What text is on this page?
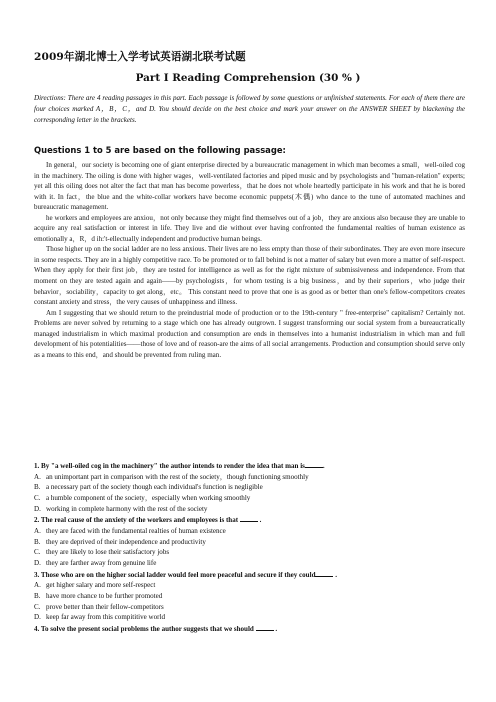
2009年湖北博士入学考试英语湖北联考试题
Part I Reading Comprehension (30 % )
Directions: There are 4 reading passages in this part. Each passage is followed by some questions or unfinished statements. For each of them there are four choices marked A，B，C，and D. You should decide on the best choice and mark your answer on the ANSWER SHEET by blackening the corresponding letter in the brackets.
Questions 1 to 5 are based on the following passage:

In general，our society is becoming one of giant enterprise directed by a bureaucratic management in which man becomes a small，well-oiled cog in the machinery. The oiling is done with higher wages，well-ventilated factories and piped music and by psychologists and "human-relation" experts; yet all this oiling does not alter the fact that man has become powerless，that he does not whole heartedly participate in his work and that he is bored with it. In fact，the blue and the white-collar workers have become economic puppets(木偶) who dance to the tune of automated machines and bureaucratic management.

he workers and employees are anxiou，not only because they might find themselves out of a job，they are anxious also because they are unable to acquire any real satisfaction or interest in life. They live and die without ever having confronted the fundamental realties of human existence as emotionally a，R，d ih:'t-ellectually independent and productive human beings.

Those higher up on the social ladder are no less anxious. Their lives are no less empty than those of their subordinates. They are even more insecure in some respects. They are in a highly competitive race. To be promoted or to fall behind is not a matter of salary but even more a matter of self-respect. When they apply for their first job，they are tested for intelligence as well as for the right mixture of submissiveness and independence. From that moment on they are tested again and again——by psychologists，for whom testing is a big business，and by their superiors，who judge their behavior，sociability，capacity to get along，etc。 This constant need to prove that one is as good as or better than one's fellow-competitors creates constant anxiety and stress，the very causes of unhappiness and illness.

Am I suggesting that we should return to the preindustrial mode of production or to the 19th-century " free-enterprise" capitalism? Certainly not. Problems are never solved by returning to a stage which one has already outgrown. I suggest transforming our social system from a bureaucratically managed industrialism in which maximal production and consumption are ends in themselves into a humanist industrialism in which man and full development of his potentialities——those of love and of reason-are the aims of all social arrangements. Production and consumption should serve only as a means to this end，and should be prevented from ruling man.

1. By "a well-oiled cog in the machinery" the author intends to render the idea that man is	.
A. an unimportant part in comparison with the rest of the society，though functioning smoothly
B. a necessary part of the society though each individual's function is negligible
C. a humble component of the society，especially when working smoothly
D. working in complete harmony with the rest of the society
2. The real cause of the anxiety of the workers and employees is that	.
A. they are faced with the fundamental realties of human existence
B. they are deprived of their independence and productivity
C. they are likely to lose their satisfactory jobs
D. they are farther away from genuine life
3. Those who are on the higher social ladder would feel more peaceful and secure if they could	.
A. get higher salary and more self-respect
B. have more chance to be further promoted
C. prove better than their fellow-competitors
D. keep far away from this compititive world
4. To solve the present social problems the author suggests that we should	.
